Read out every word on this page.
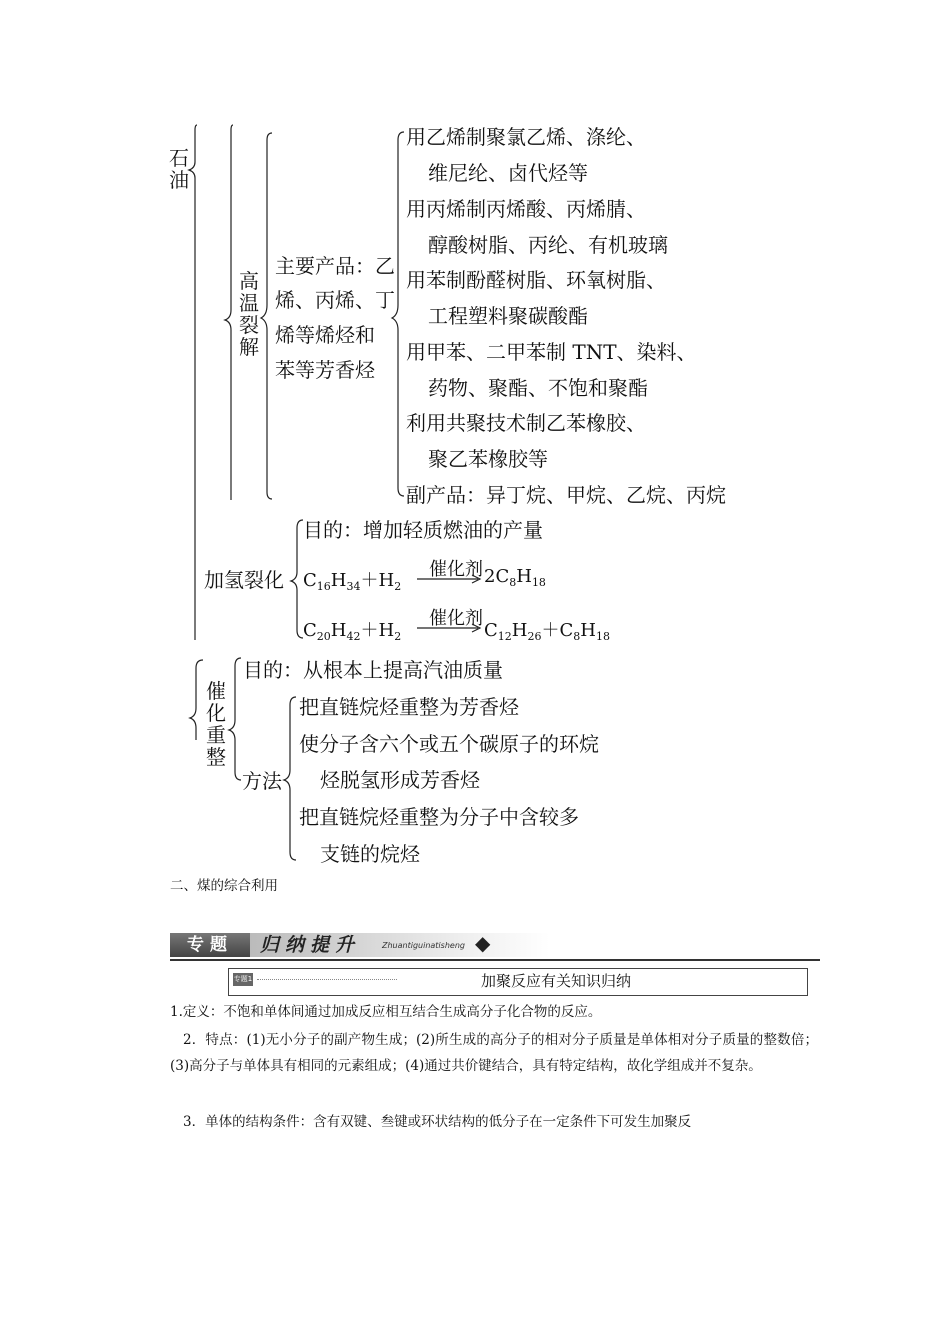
石油
高温裂解
主要产品：乙
烯、丙烯、丁
烯等烯烃和
苯等芳香烃
用乙烯制聚氯乙烯、涤纶、
维尼纶、卤代烃等
用丙烯制丙烯酸、丙烯腈、
醇酸树脂、丙纶、有机玻璃
用苯制酚醛树脂、环氧树脂、
工程塑料聚碳酸酯
用甲苯、二甲苯制 TNT、染料、
药物、聚酯、不饱和聚酯
利用共聚技术制乙苯橡胶、
聚乙苯橡胶等
副产品：异丁烷、甲烷、乙烷、丙烷
加氢裂化
目的：增加轻质燃油的产量
催化剂
$C_{16}H_{34}+H_2$	$2C_8H_{18}$
催化剂
$C_{20}H_{42}+H_2$	$C_{12}H_{26}+C_8H_{18}$
催化重整
目的：从根本上提高汽油质量
方法
把直链烷烃重整为芳香烃
使分子含六个或五个碳原子的环烷
烃脱氢形成芳香烃
把直链烷烃重整为分子中含较多
支链的烷烃
二、煤的综合利用
专题	归纳提升	Zhuantiguinatisheng ◆
专题1	加聚反应有关知识归纳
1.定义：不饱和单体间通过加成反应相互结合生成高分子化合物的反应。
2．特点：(1)无小分子的副产物生成；(2)所生成的高分子的相对分子质量是单体相对分子质量的整数倍；(3)高分子与单体具有相同的元素组成；(4)通过共价键结合，具有特定结构，故化学组成并不复杂。
3．单体的结构条件：含有双键、叁键或环状结构的低分子在一定条件下可发生加聚反
